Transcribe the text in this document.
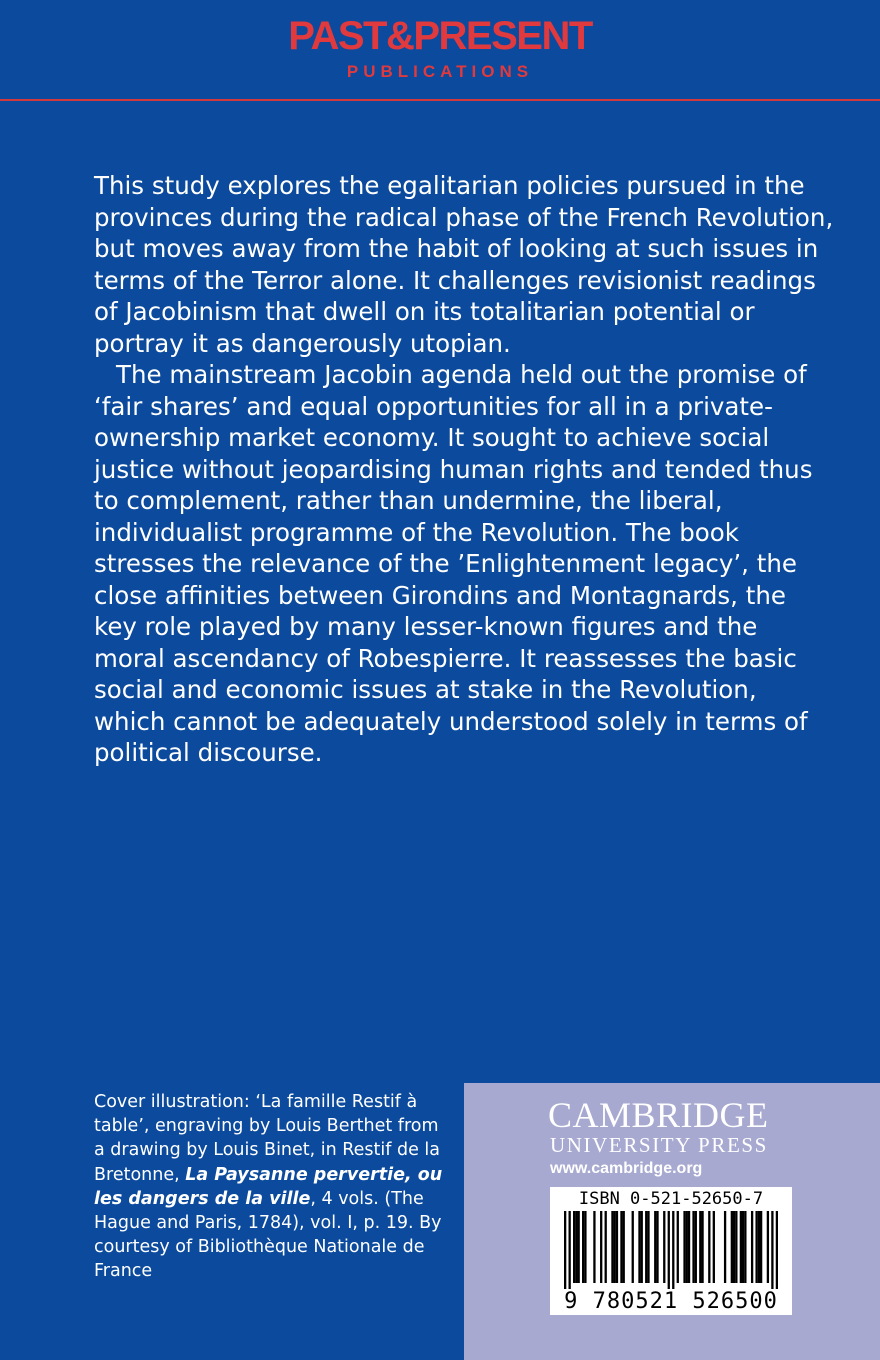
PAST&PRESENT
PUBLICATIONS

This study explores the egalitarian policies pursued in the provinces during the radical phase of the French Revolution, but moves away from the habit of looking at such issues in terms of the Terror alone. It challenges revisionist readings of Jacobinism that dwell on its totalitarian potential or portray it as dangerously utopian.

The mainstream Jacobin agenda held out the promise of ‘fair shares’ and equal opportunities for all in a private-ownership market economy. It sought to achieve social justice without jeopardising human rights and tended thus to complement, rather than undermine, the liberal, individualist programme of the Revolution. The book stresses the relevance of the ’Enlightenment legacy’, the close affinities between Girondins and Montagnards, the key role played by many lesser-known figures and the moral ascendancy of Robespierre. It reassesses the basic social and economic issues at stake in the Revolution, which cannot be adequately understood solely in terms of political discourse.

Cover illustration: ‘La famille Restif à table’, engraving by Louis Berthet from a drawing by Louis Binet, in Restif de la Bretonne, La Paysanne pervertie, ou les dangers de la ville, 4 vols. (The Hague and Paris, 1784), vol. I, p. 19. By courtesy of Bibliothèque Nationale de France
CAMBRIDGE
UNIVERSITY PRESS
www.cambridge.org
ISBN 0-521-52650-7
9 780521 526500
